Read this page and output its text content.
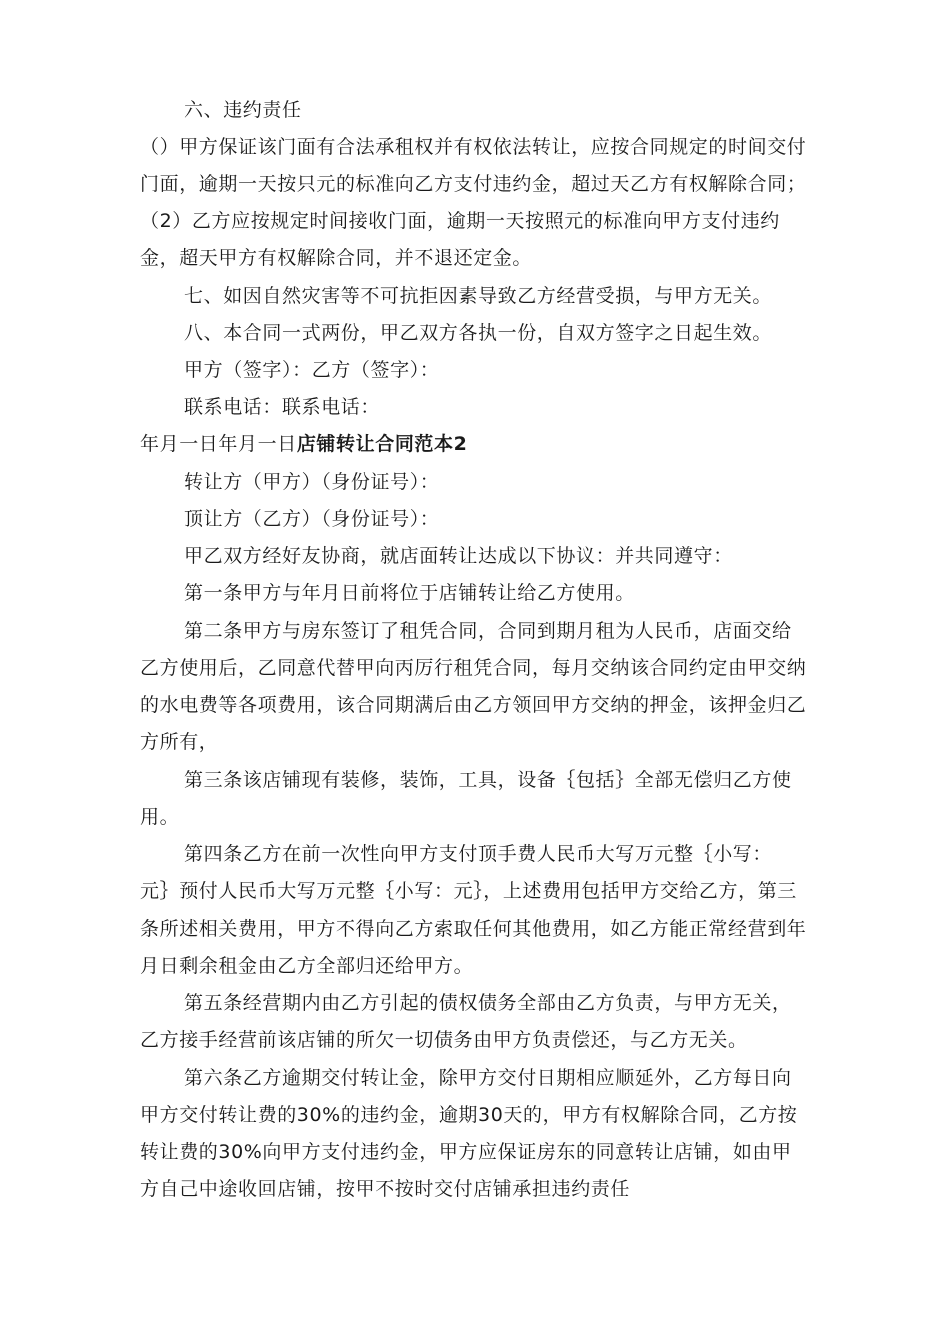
六、违约责任
（）甲方保证该门面有合法承租权并有权依法转让，应按合同规定的时间交付
门面，逾期一天按只元的标准向乙方支付违约金，超过天乙方有权解除合同；
（2）乙方应按规定时间接收门面，逾期一天按照元的标准向甲方支付违约
金，超天甲方有权解除合同，并不退还定金。
七、如因自然灾害等不可抗拒因素导致乙方经营受损，与甲方无关。
八、本合同一式两份，甲乙双方各执一份，自双方签字之日起生效。
甲方（签字）：乙方（签字）：
联系电话：联系电话：
年月一日年月一日店铺转让合同范本2
转让方（甲方）（身份证号）：
顶让方（乙方）（身份证号）：
甲乙双方经好友协商，就店面转让达成以下协议：并共同遵守：
第一条甲方与年月日前将位于店铺转让给乙方使用。
第二条甲方与房东签订了租凭合同，合同到期月租为人民币，店面交给
乙方使用后，乙同意代替甲向丙厉行租凭合同，每月交纳该合同约定由甲交纳
的水电费等各项费用，该合同期满后由乙方领回甲方交纳的押金，该押金归乙
方所有，
第三条该店铺现有装修，装饰，工具，设备｛包括｝全部无偿归乙方使
用。
第四条乙方在前一次性向甲方支付顶手费人民币大写万元整｛小写：
元｝预付人民币大写万元整｛小写：元｝，上述费用包括甲方交给乙方，第三
条所述相关费用，甲方不得向乙方索取任何其他费用，如乙方能正常经营到年
月日剩余租金由乙方全部归还给甲方。
第五条经营期内由乙方引起的债权债务全部由乙方负责，与甲方无关，
乙方接手经营前该店铺的所欠一切债务由甲方负责偿还，与乙方无关。
第六条乙方逾期交付转让金，除甲方交付日期相应顺延外，乙方每日向
甲方交付转让费的30%的违约金，逾期30天的，甲方有权解除合同，乙方按
转让费的30%向甲方支付违约金，甲方应保证房东的同意转让店铺，如由甲
方自己中途收回店铺，按甲不按时交付店铺承担违约责任
